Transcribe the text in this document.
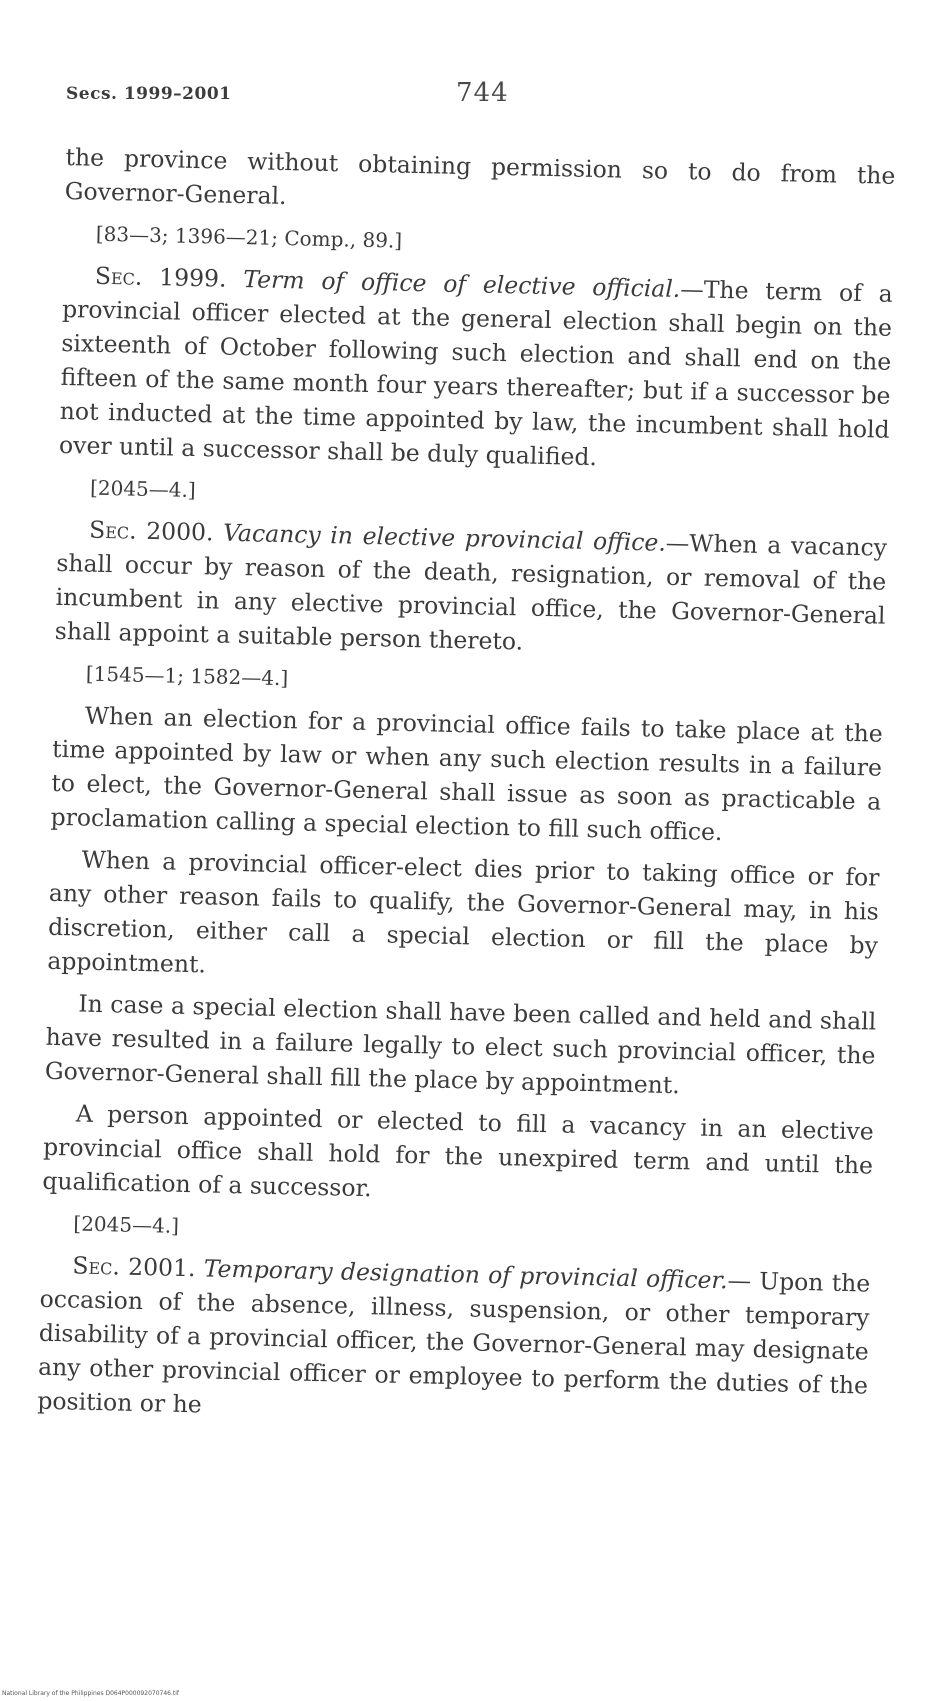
Secs. 1999–2001	744

the province without obtaining permission so to do from the Governor-General.

[83—3; 1396—21; Comp., 89.]

Sec. 1999. Term of office of elective official.—The term of a provincial officer elected at the general election shall begin on the sixteenth of October following such election and shall end on the fifteen of the same month four years thereafter; but if a successor be not inducted at the time appointed by law, the incumbent shall hold over until a successor shall be duly qualified.

[2045—4.]

Sec. 2000. Vacancy in elective provincial office.—When a vacancy shall occur by reason of the death, resignation, or removal of the incumbent in any elective provincial office, the Governor-General shall appoint a suitable person thereto.

[1545—1; 1582—4.]

When an election for a provincial office fails to take place at the time appointed by law or when any such election results in a failure to elect, the Governor-General shall issue as soon as practicable a proclamation calling a special election to fill such office.

When a provincial officer-elect dies prior to taking office or for any other reason fails to qualify, the Governor-General may, in his discretion, either call a special election or fill the place by appointment.

In case a special election shall have been called and held and shall have resulted in a failure legally to elect such provincial officer, the Governor-General shall fill the place by appointment.

A person appointed or elected to fill a vacancy in an elective provincial office shall hold for the unexpired term and until the qualification of a successor.

[2045—4.]

Sec. 2001. Temporary designation of provincial officer.— Upon the occasion of the absence, illness, suspension, or other temporary disability of a provincial officer, the Governor-General may designate any other provincial officer or employee to perform the duties of the position or he

National Library of the Philippines D064P000092070746.tif
